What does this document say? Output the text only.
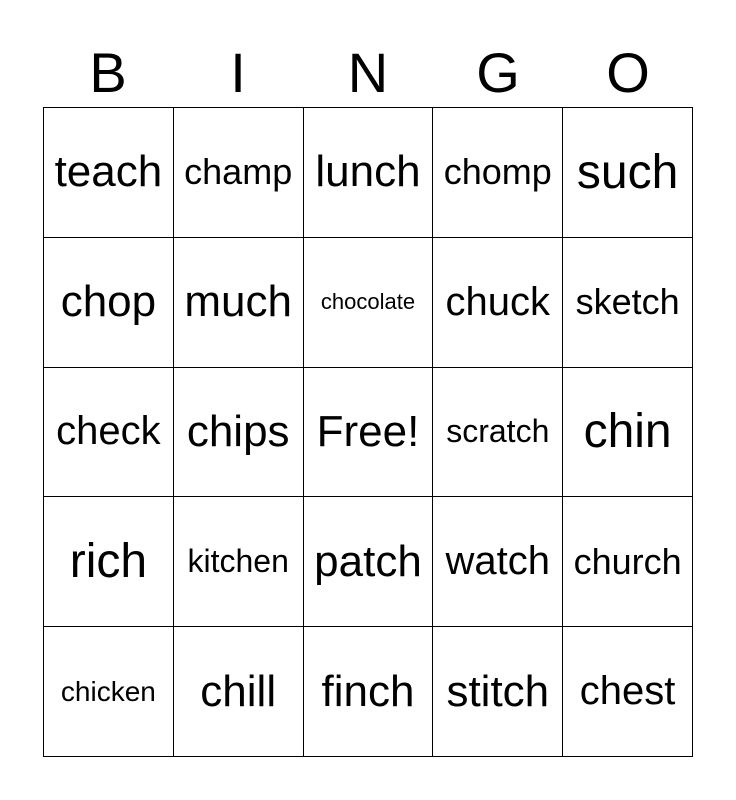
B	I	N	G	O
teach champ lunch chomp such
chop much	chocolate chuck sketch
check chips Free! scratch chin
rich	kitchen patch watch church
chicken	chill	finch stitch chest
